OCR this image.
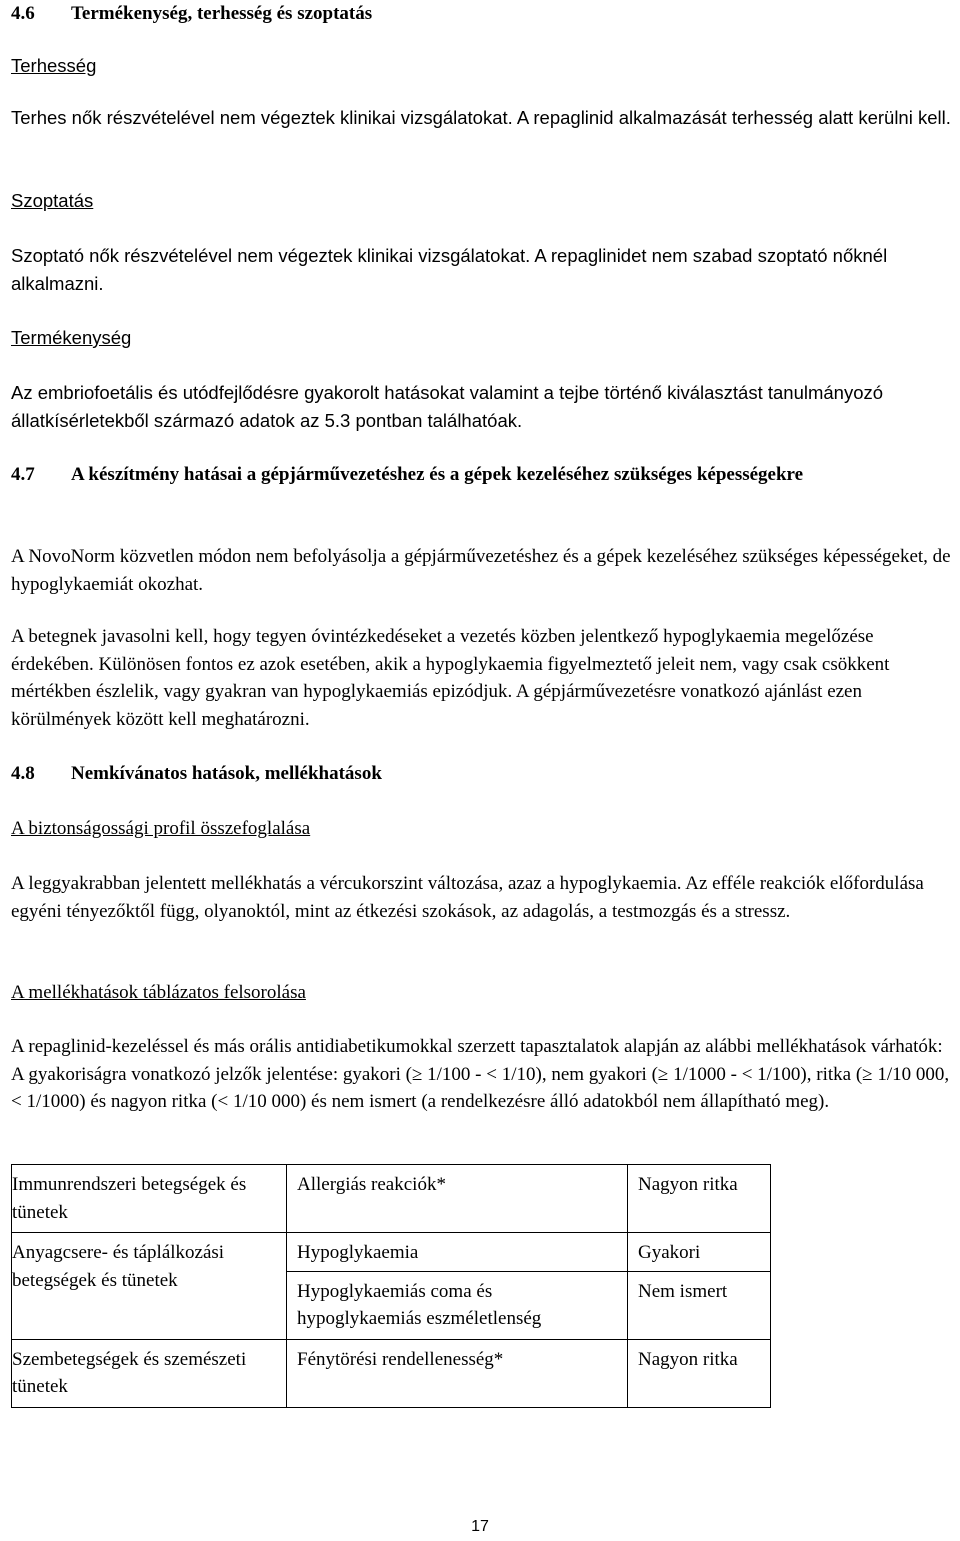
4.6 Termékenység, terhesség és szoptatás
Terhesség
Terhes nők részvételével nem végeztek klinikai vizsgálatokat. A repaglinid alkalmazását terhesség alatt kerülni kell.
Szoptatás
Szoptató nők részvételével nem végeztek klinikai vizsgálatokat. A repaglinidet nem szabad szoptató nőknél alkalmazni.
Termékenység
Az embriofoetális és utódfejlődésre gyakorolt hatásokat valamint a tejbe történő kiválasztást tanulmányozó állatkísérletekből származó adatok az 5.3 pontban találhatóak.
4.7	A készítmény hatásai a gépjárművezetéshez és a gépek kezeléséhez szükséges képességekre
A NovoNorm közvetlen módon nem befolyásolja a gépjárművezetéshez és a gépek kezeléséhez szükséges képességeket, de hypoglykaemiát okozhat.
A betegnek javasolni kell, hogy tegyen óvintézkedéseket a vezetés közben jelentkező hypoglykaemia megelőzése érdekében. Különösen fontos ez azok esetében, akik a hypoglykaemia figyelmeztető jeleit nem, vagy csak csökkent mértékben észlelik, vagy gyakran van hypoglykaemiás epizódjuk. A gépjárművezetésre vonatkozó ajánlást ezen körülmények között kell meghatározni.
4.8 Nemkívánatos hatások, mellékhatások
A biztonságossági profil összefoglalása
A leggyakrabban jelentett mellékhatás a vércukorszint változása, azaz a hypoglykaemia. Az efféle reakciók előfordulása egyéni tényezőktől függ, olyanoktól, mint az étkezési szokások, az adagolás, a testmozgás és a stressz.
A mellékhatások táblázatos felsorolása
A repaglinid-kezeléssel és más orális antidiabetikumokkal szerzett tapasztalatok alapján az alábbi mellékhatások várhatók: A gyakoriságra vonatkozó jelzők jelentése: gyakori (≥ 1/100 - < 1/10), nem gyakori (≥ 1/1000 - < 1/100), ritka (≥ 1/10 000, < 1/1000) és nagyon ritka (< 1/10 000) és nem ismert (a rendelkezésre álló adatokból nem állapítható meg).
Immunrendszeri betegségek és tünetek	Allergiás reakciók*	Nagyon ritka
Anyagcsere- és táplálkozási betegségek és tünetek	Hypoglykaemia	Gyakori
	Hypoglykaemiás coma és hypoglykaemiás eszméletlenség	Nem ismert
Szembetegségek és szemészeti tünetek	Fénytörési rendellenesség*	Nagyon ritka
17
